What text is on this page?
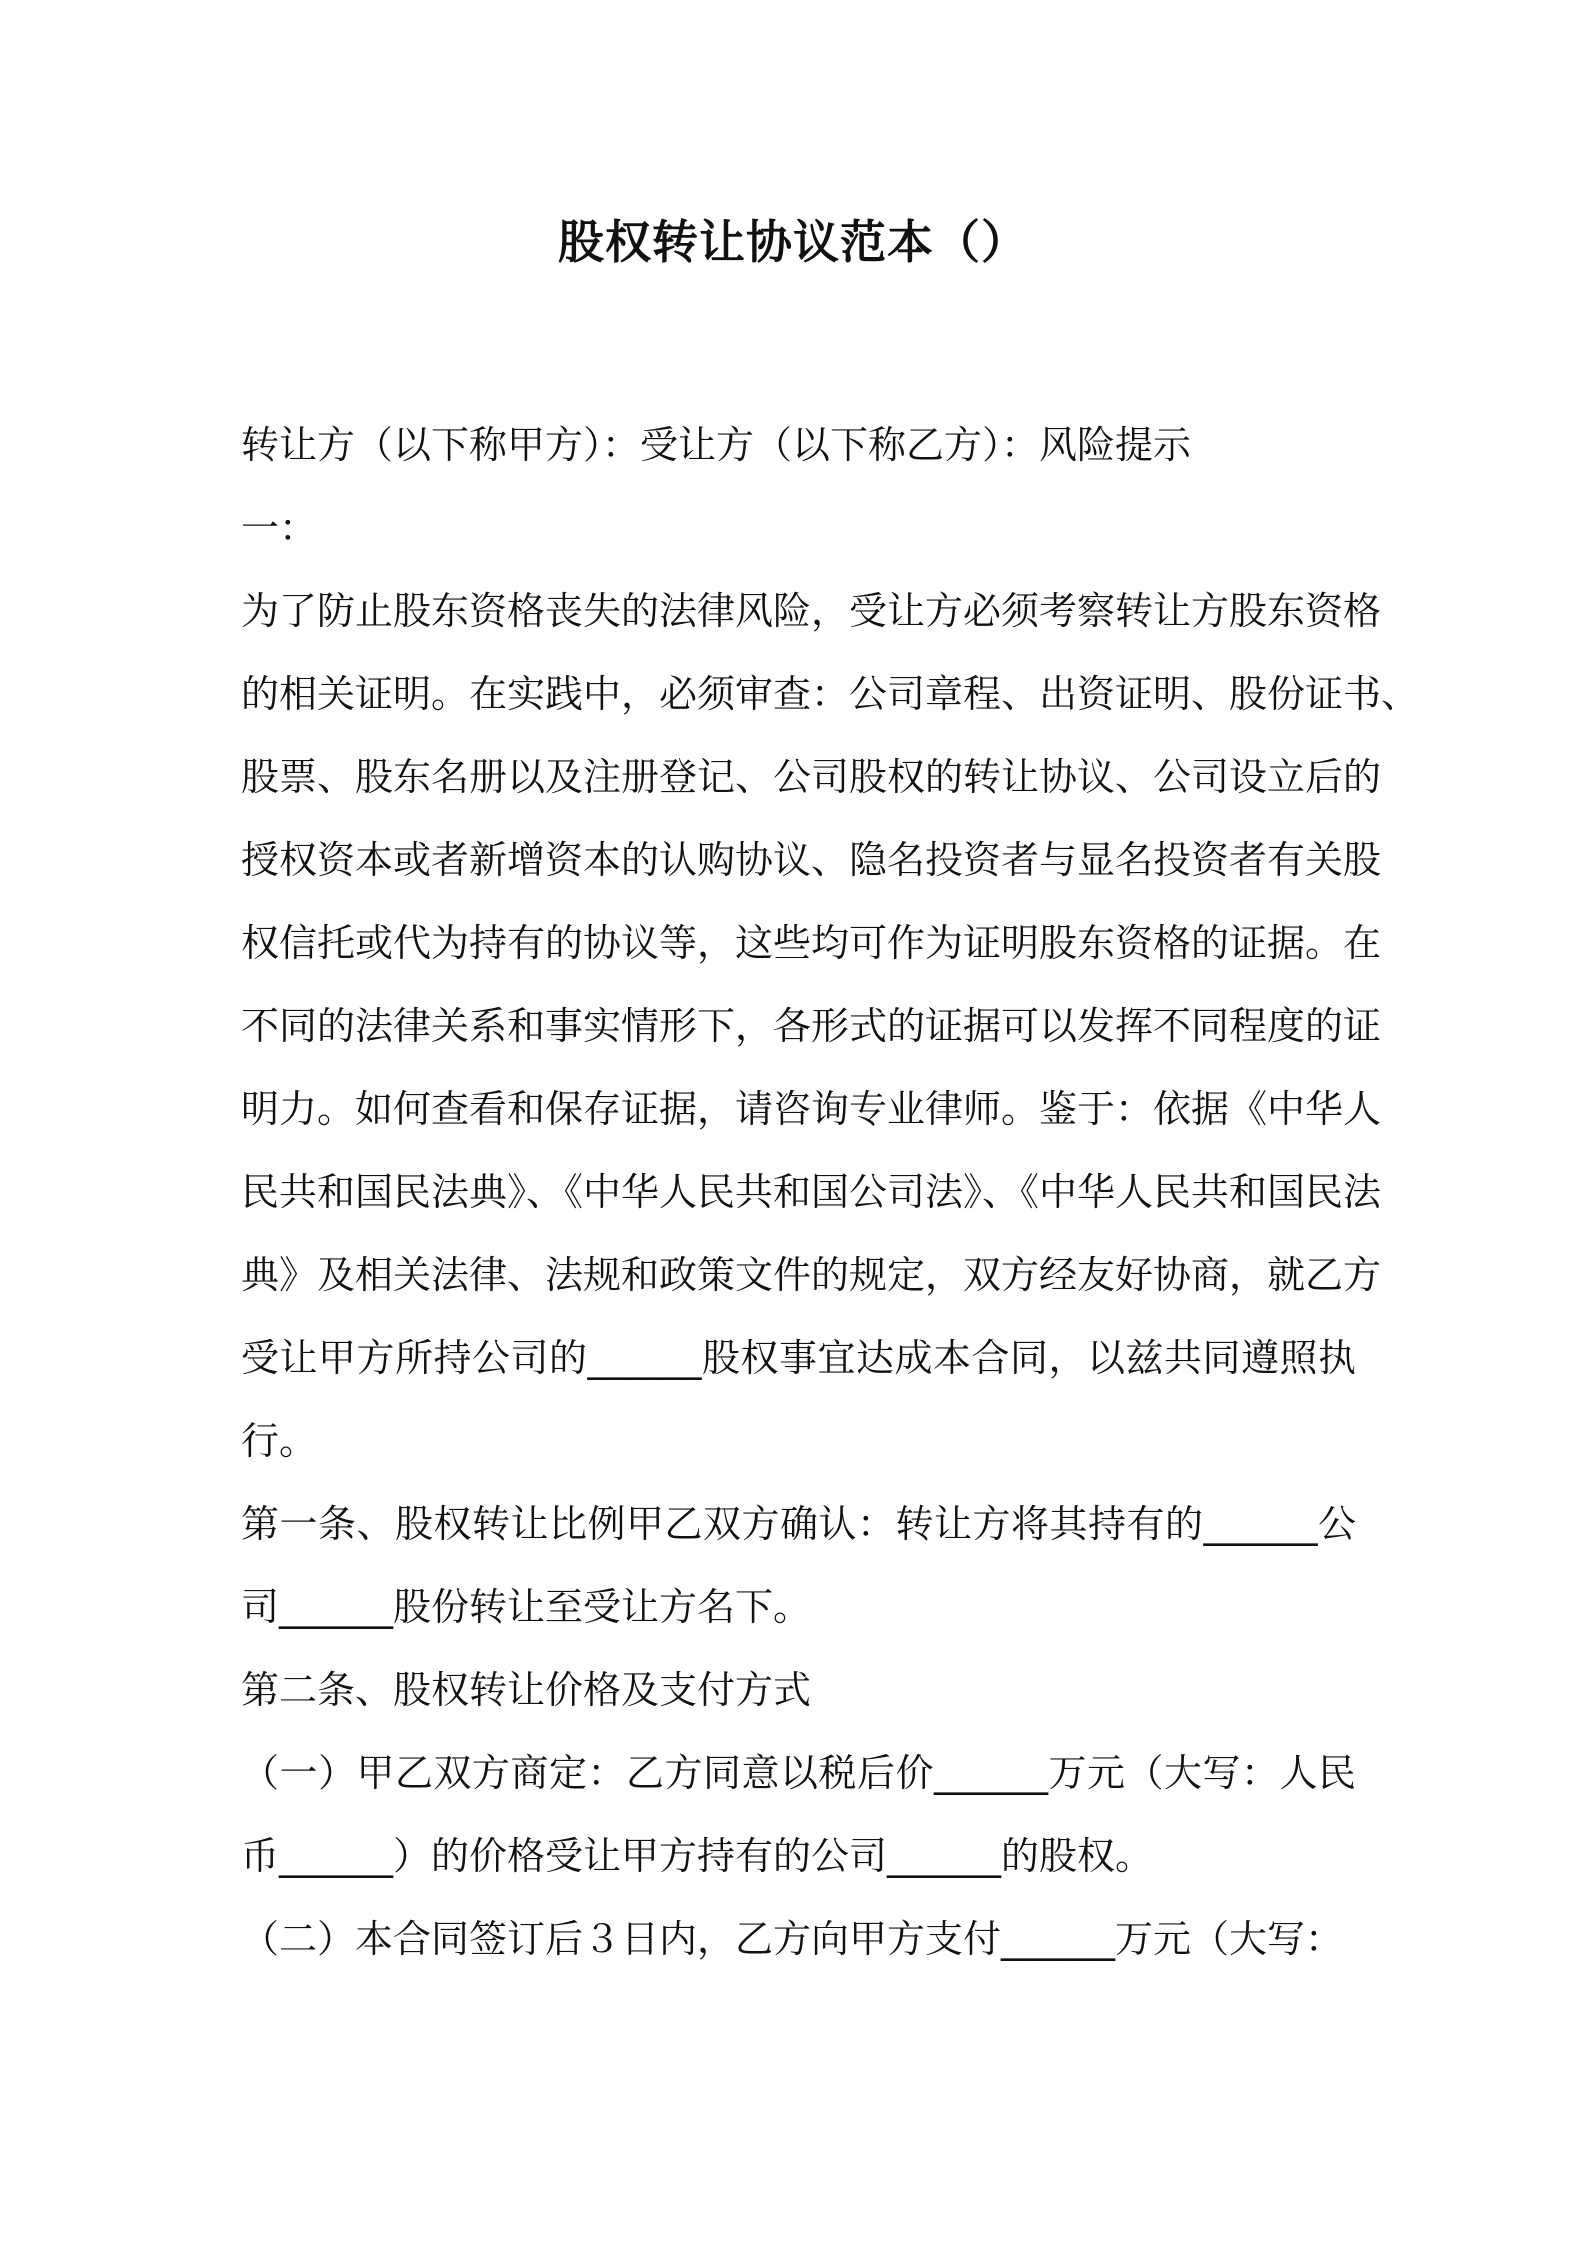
股权转让协议范本（）
转让方（以下称甲方）：受让方（以下称乙方）：风险提示
一：
为了防止股东资格丧失的法律风险，受让方必须考察转让方股东资格
的相关证明。在实践中，必须审查：公司章程、出资证明、股份证书、
股票、股东名册以及注册登记、公司股权的转让协议、公司设立后的
授权资本或者新增资本的认购协议、隐名投资者与显名投资者有关股
权信托或代为持有的协议等，这些均可作为证明股东资格的证据。在
不同的法律关系和事实情形下，各形式的证据可以发挥不同程度的证
明力。如何查看和保存证据，请咨询专业律师。鉴于：依据《中华人
民共和国民法典》、《中华人民共和国公司法》、《中华人民共和国民法
典》及相关法律、法规和政策文件的规定，双方经友好协商，就乙方
受让甲方所持公司的______股权事宜达成本合同，以兹共同遵照执
行。
第一条、股权转让比例甲乙双方确认：转让方将其持有的______公
司______股份转让至受让方名下。
第二条、股权转让价格及支付方式
（一）甲乙双方商定：乙方同意以税后价______万元（大写：人民
币______）的价格受让甲方持有的公司______的股权。
（二）本合同签订后３日内，乙方向甲方支付______万元（大写：
